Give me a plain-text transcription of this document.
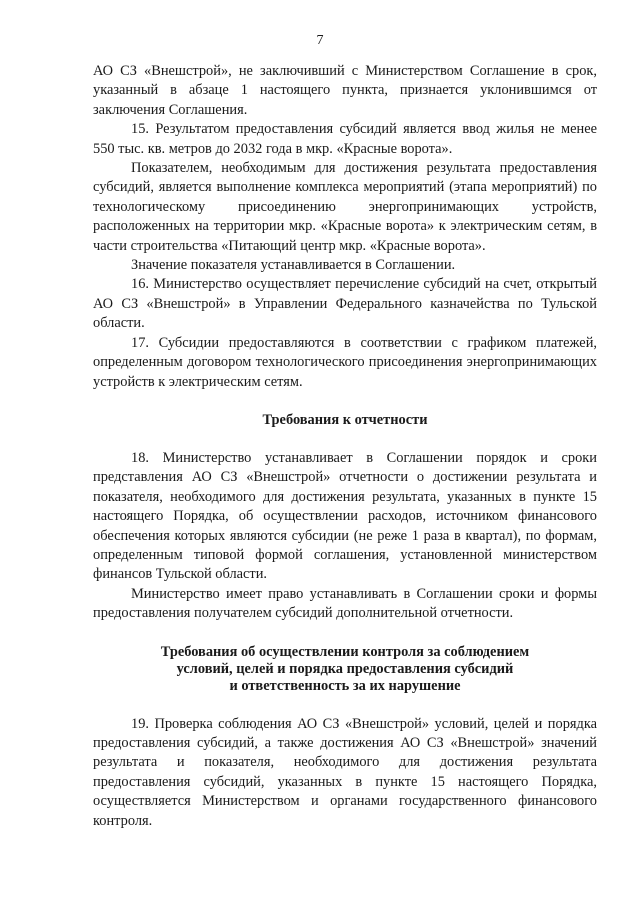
7

АО СЗ «Внешстрой», не заключивший с Министерством Соглашение в срок, указанный в абзаце 1 настоящего пункта, признается уклонившимся от заключения Соглашения.

15. Результатом предоставления субсидий является ввод жилья не менее 550 тыс. кв. метров до 2032 года в мкр. «Красные ворота».

Показателем, необходимым для достижения результата предоставления субсидий, является выполнение комплекса мероприятий (этапа мероприятий) по технологическому присоединению энергопринимающих устройств, расположенных на территории мкр. «Красные ворота» к электрическим сетям, в части строительства «Питающий центр мкр. «Красные ворота».

Значение показателя устанавливается в Соглашении.

16. Министерство осуществляет перечисление субсидий на счет, открытый АО СЗ «Внешстрой» в Управлении Федерального казначейства по Тульской области.

17. Субсидии предоставляются в соответствии с графиком платежей, определенным договором технологического присоединения энергопринимающих устройств к электрическим сетям.

Требования к отчетности

18. Министерство устанавливает в Соглашении порядок и сроки представления АО СЗ «Внешстрой» отчетности о достижении результата и показателя, необходимого для достижения результата, указанных в пункте 15 настоящего Порядка, об осуществлении расходов, источником финансового обеспечения которых являются субсидии (не реже 1 раза в квартал), по формам, определенным типовой формой соглашения, установленной министерством финансов Тульской области.

Министерство имеет право устанавливать в Соглашении сроки и формы предоставления получателем субсидий дополнительной отчетности.

Требования об осуществлении контроля за соблюдением
условий, целей и порядка предоставления субсидий
и ответственность за их нарушение

19. Проверка соблюдения АО СЗ «Внешстрой» условий, целей и порядка предоставления субсидий, а также достижения АО СЗ «Внешстрой» значений результата и показателя, необходимого для достижения результата предоставления субсидий, указанных в пункте 15 настоящего Порядка, осуществляется Министерством и органами государственного финансового контроля.
